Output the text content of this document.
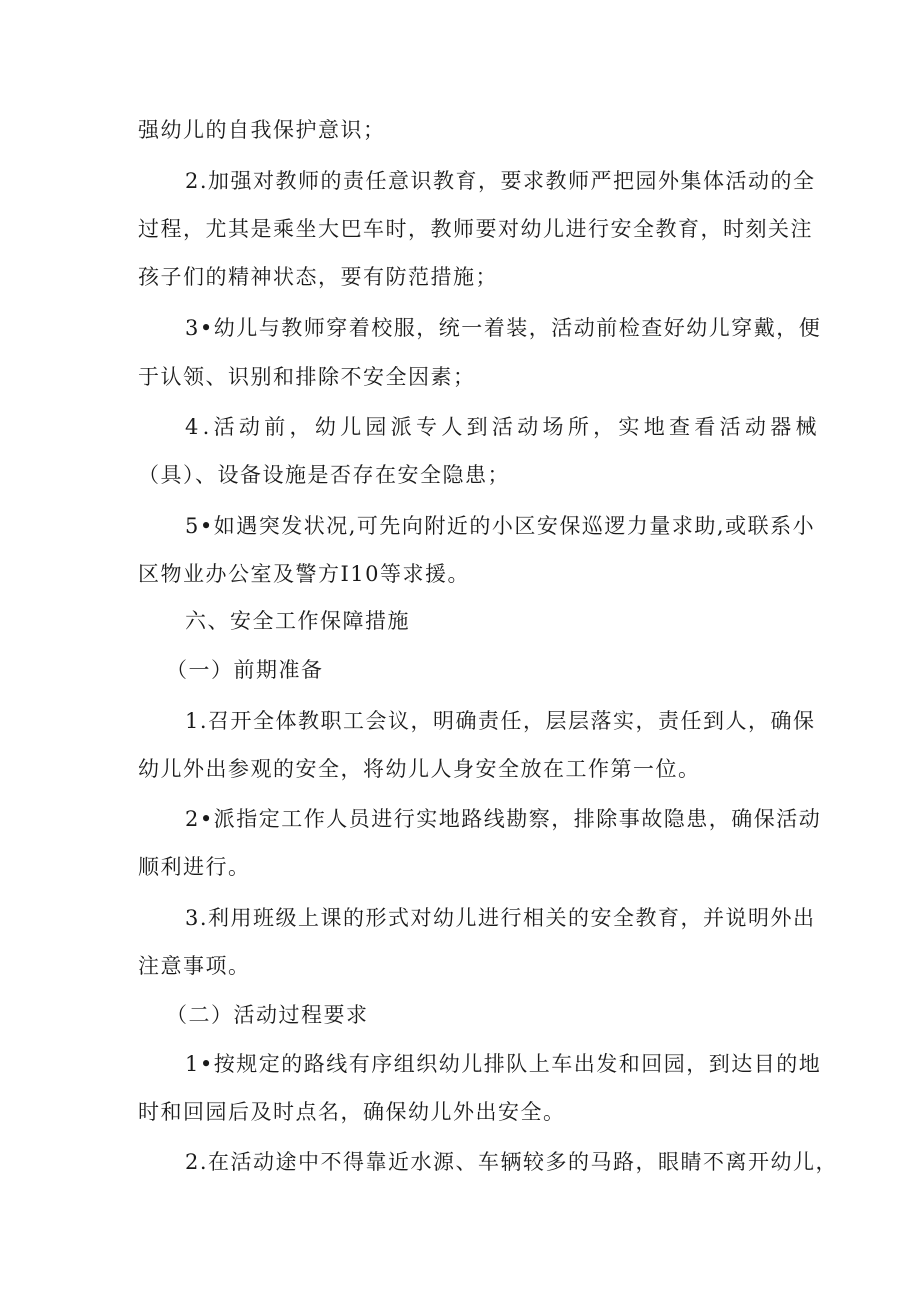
强幼儿的自我保护意识；
2.加强对教师的责任意识教育，要求教师严把园外集体活动的全
过程，尤其是乘坐大巴车时，教师要对幼儿进行安全教育，时刻关注
孩子们的精神状态，要有防范措施；
3•幼儿与教师穿着校服，统一着装，活动前检查好幼儿穿戴，便
于认领、识别和排除不安全因素；
4.活动前，幼儿园派专人到活动场所，实地查看活动器械
（具）、设备设施是否存在安全隐患；
5•如遇突发状况,可先向附近的小区安保巡逻力量求助,或联系小
区物业办公室及警方I10等求援。
六、安全工作保障措施
（一）前期准备
1.召开全体教职工会议，明确责任，层层落实，责任到人，确保
幼儿外出参观的安全，将幼儿人身安全放在工作第一位。
2•派指定工作人员进行实地路线勘察，排除事故隐患，确保活动
顺利进行。
3.利用班级上课的形式对幼儿进行相关的安全教育，并说明外出
注意事项。
（二）活动过程要求
1•按规定的路线有序组织幼儿排队上车出发和回园，到达目的地
时和回园后及时点名，确保幼儿外出安全。
2.在活动途中不得靠近水源、车辆较多的马路，眼睛不离开幼儿，
